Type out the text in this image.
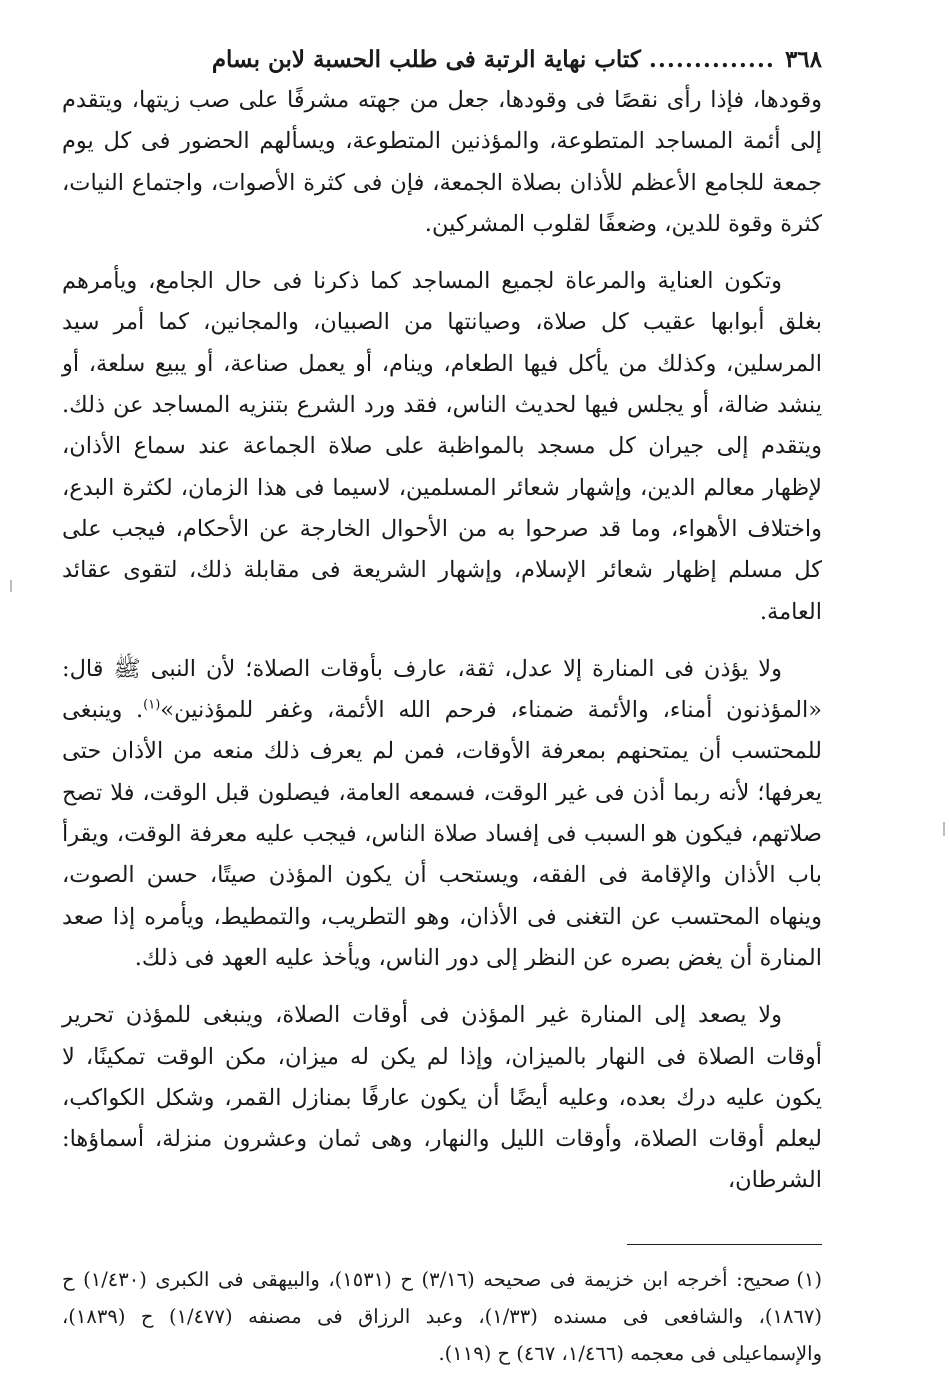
٣٦٨
..............
كتاب نهاية الرتبة فى طلب الحسبة لابن بسام

وقودها، فإذا رأى نقصًا فى وقودها، جعل من جهته مشرفًا على صب زيتها، ويتقدم إلى أئمة المساجد المتطوعة، والمؤذنين المتطوعة، ويسألهم الحضور فى كل يوم جمعة للجامع الأعظم للأذان بصلاة الجمعة، فإن فى كثرة الأصوات، واجتماع النيات، كثرة وقوة للدين، وضعفًا لقلوب المشركين.

وتكون العناية والمرعاة لجميع المساجد كما ذكرنا فى حال الجامع، ويأمرهم بغلق أبوابها عقيب كل صلاة، وصيانتها من الصبيان، والمجانين، كما أمر سيد المرسلين، وكذلك من يأكل فيها الطعام، وينام، أو يعمل صناعة، أو يبيع سلعة، أو ينشد ضالة، أو يجلس فيها لحديث الناس، فقد ورد الشرع بتنزيه المساجد عن ذلك. ويتقدم إلى جيران كل مسجد بالمواظبة على صلاة الجماعة عند سماع الأذان، لإظهار معالم الدين، وإشهار شعائر المسلمين، لاسيما فى هذا الزمان، لكثرة البدع، واختلاف الأهواء، وما قد صرحوا به من الأحوال الخارجة عن الأحكام، فيجب على كل مسلم إظهار شعائر الإسلام، وإشهار الشريعة فى مقابلة ذلك، لتقوى عقائد العامة.

ولا يؤذن فى المنارة إلا عدل، ثقة، عارف بأوقات الصلاة؛ لأن النبى ﷺ قال: «المؤذنون أمناء، والأئمة ضمناء، فرحم الله الأئمة، وغفر للمؤذنين»$^{(١)}$. وينبغى للمحتسب أن يمتحنهم بمعرفة الأوقات، فمن لم يعرف ذلك منعه من الأذان حتى يعرفها؛ لأنه ربما أذن فى غير الوقت، فسمعه العامة، فيصلون قبل الوقت، فلا تصح صلاتهم، فيكون هو السبب فى إفساد صلاة الناس، فيجب عليه معرفة الوقت، ويقرأ باب الأذان والإقامة فى الفقه، ويستحب أن يكون المؤذن صيتًا، حسن الصوت، وينهاه المحتسب عن التغنى فى الأذان، وهو التطريب، والتمطيط، ويأمره إذا صعد المنارة أن يغض بصره عن النظر إلى دور الناس، ويأخذ عليه العهد فى ذلك.

ولا يصعد إلى المنارة غير المؤذن فى أوقات الصلاة، وينبغى للمؤذن تحرير أوقات الصلاة فى النهار بالميزان، وإذا لم يكن له ميزان، مكن الوقت تمكينًا، لا يكون عليه درك بعده، وعليه أيضًا أن يكون عارفًا بمنازل القمر، وشكل الكواكب، ليعلم أوقات الصلاة، وأوقات الليل والنهار، وهى ثمان وعشرون منزلة، أسماؤها: الشرطان،

(١)صحيح: أخرجه ابن خزيمة فى صحيحه (٣/١٦) ح (١٥٣١)، والبيهقى فى الكبرى (١/٤٣٠) ح (١٨٦٧)، والشافعى فى مسنده (١/٣٣)، وعبد الرزاق فى مصنفه (١/٤٧٧) ح (١٨٣٩)، والإسماعيلى فى معجمه (١/٤٦٦، ٤٦٧) ح (١١٩).
